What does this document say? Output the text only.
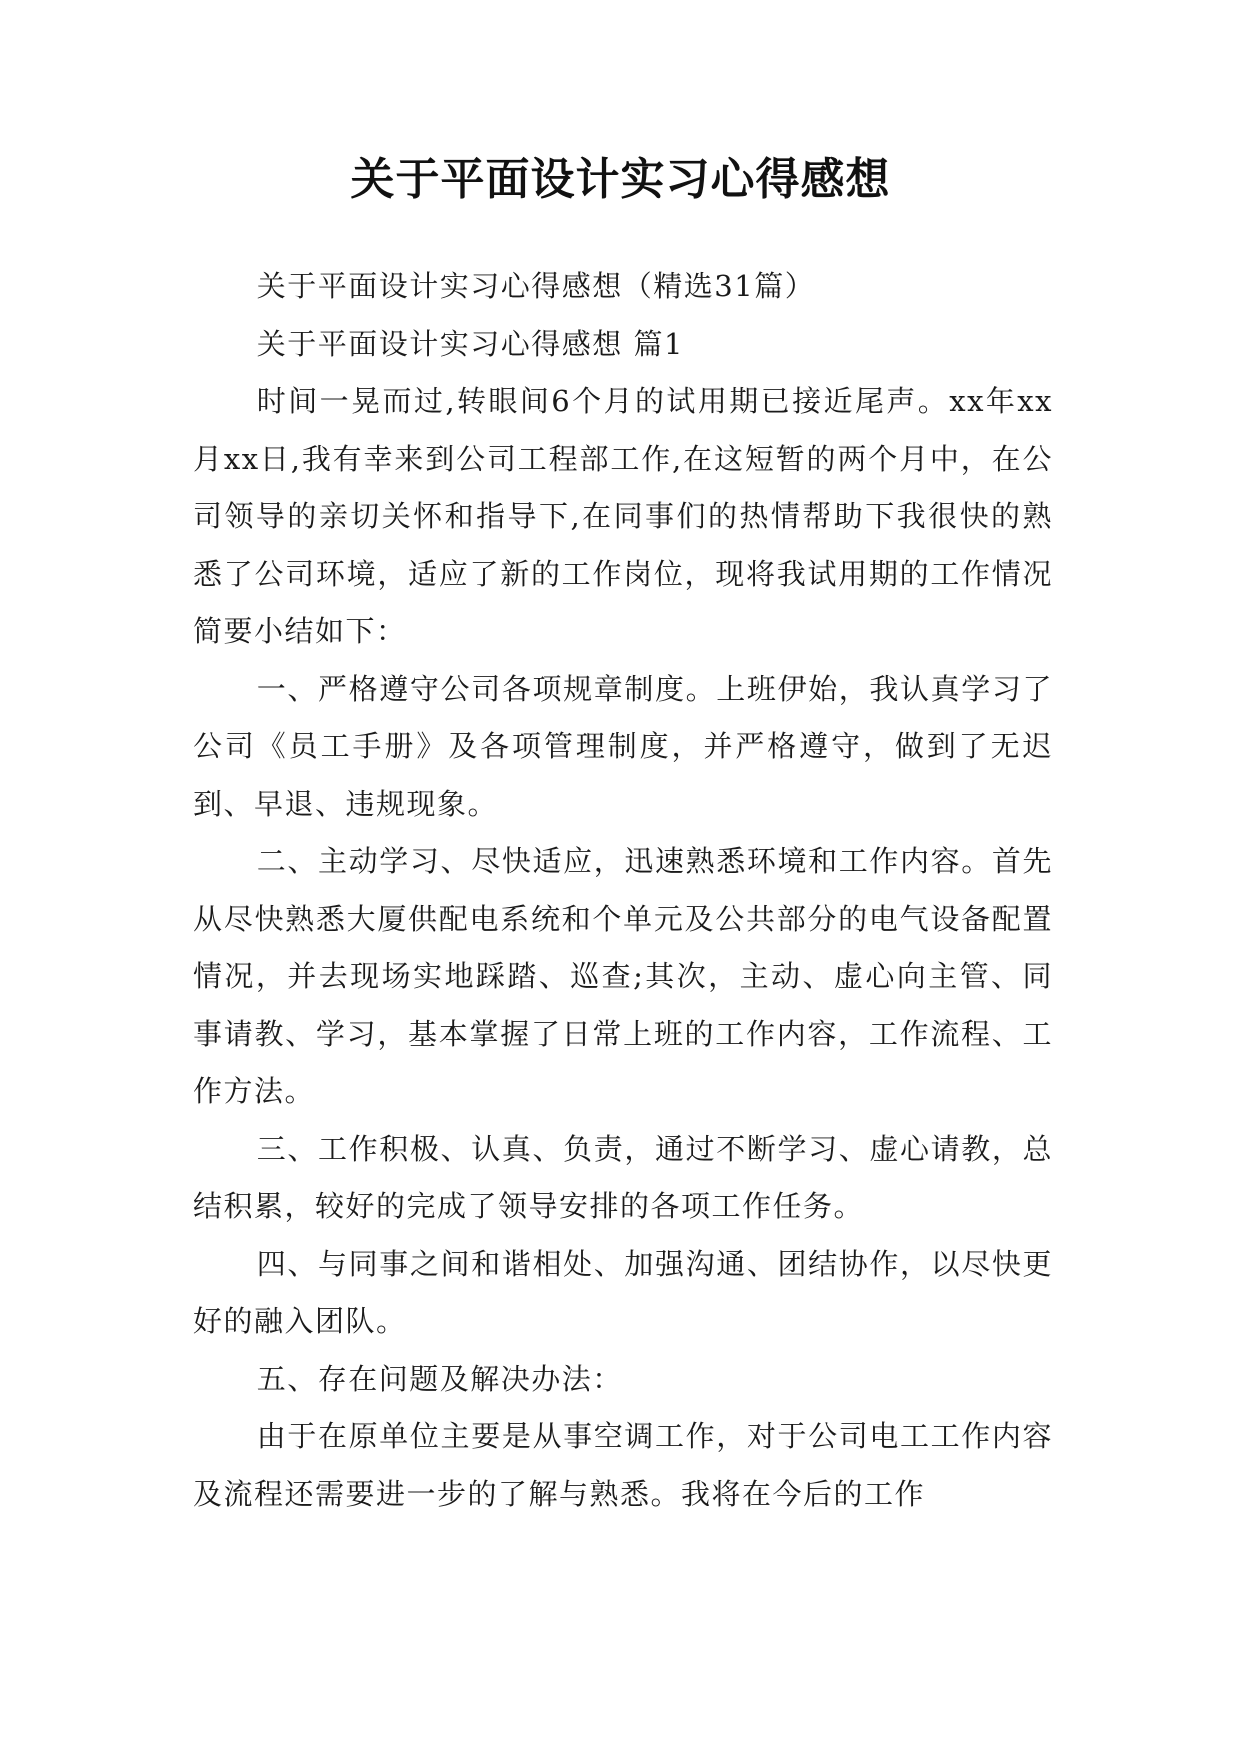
关于平面设计实习心得感想

关于平面设计实习心得感想（精选31篇）

关于平面设计实习心得感想 篇1

时间一晃而过,转眼间6个月的试用期已接近尾声。xx年xx月xx日,我有幸来到公司工程部工作,在这短暂的两个月中，在公司领导的亲切关怀和指导下,在同事们的热情帮助下我很快的熟悉了公司环境，适应了新的工作岗位，现将我试用期的工作情况简要小结如下：

一、严格遵守公司各项规章制度。上班伊始，我认真学习了公司《员工手册》及各项管理制度，并严格遵守，做到了无迟到、早退、违规现象。

二、主动学习、尽快适应，迅速熟悉环境和工作内容。首先从尽快熟悉大厦供配电系统和个单元及公共部分的电气设备配置情况，并去现场实地踩踏、巡查;其次，主动、虚心向主管、同事请教、学习，基本掌握了日常上班的工作内容，工作流程、工作方法。

三、工作积极、认真、负责，通过不断学习、虚心请教，总结积累，较好的完成了领导安排的各项工作任务。

四、与同事之间和谐相处、加强沟通、团结协作，以尽快更好的融入团队。

五、存在问题及解决办法：

由于在原单位主要是从事空调工作，对于公司电工工作内容及流程还需要进一步的了解与熟悉。我将在今后的工作
